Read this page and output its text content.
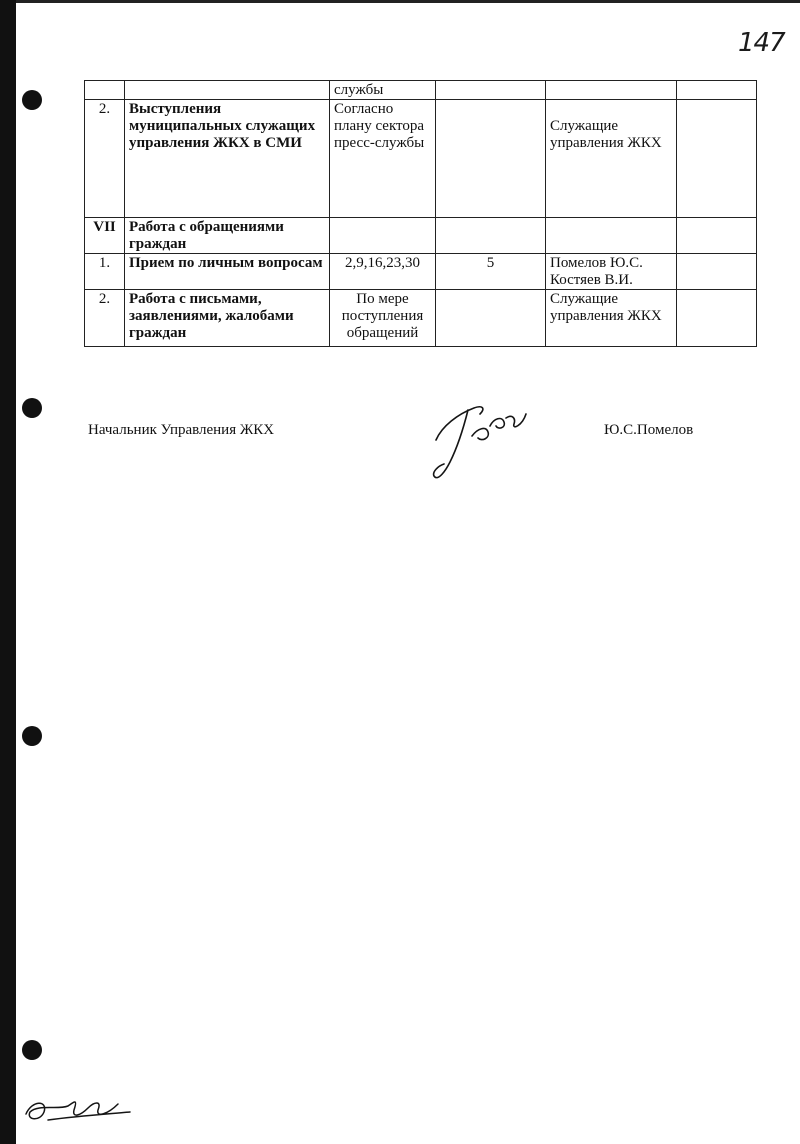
147
		службы			
2.	Выступления муниципальных служащих управления ЖКХ в СМИ	Согласно плану сектора пресс-службы		Служащие управления ЖКХ	
VII	Работа с обращениями граждан				
1.	Прием по личным вопросам	2,9,16,23,30	5	Помелов Ю.С. Костяев В.И.	
2.	Работа с письмами, заявлениями, жалобами граждан	По мере поступления обращений		Служащие управления ЖКХ	
Начальник Управления ЖКХ	Ю.С.Помелов
